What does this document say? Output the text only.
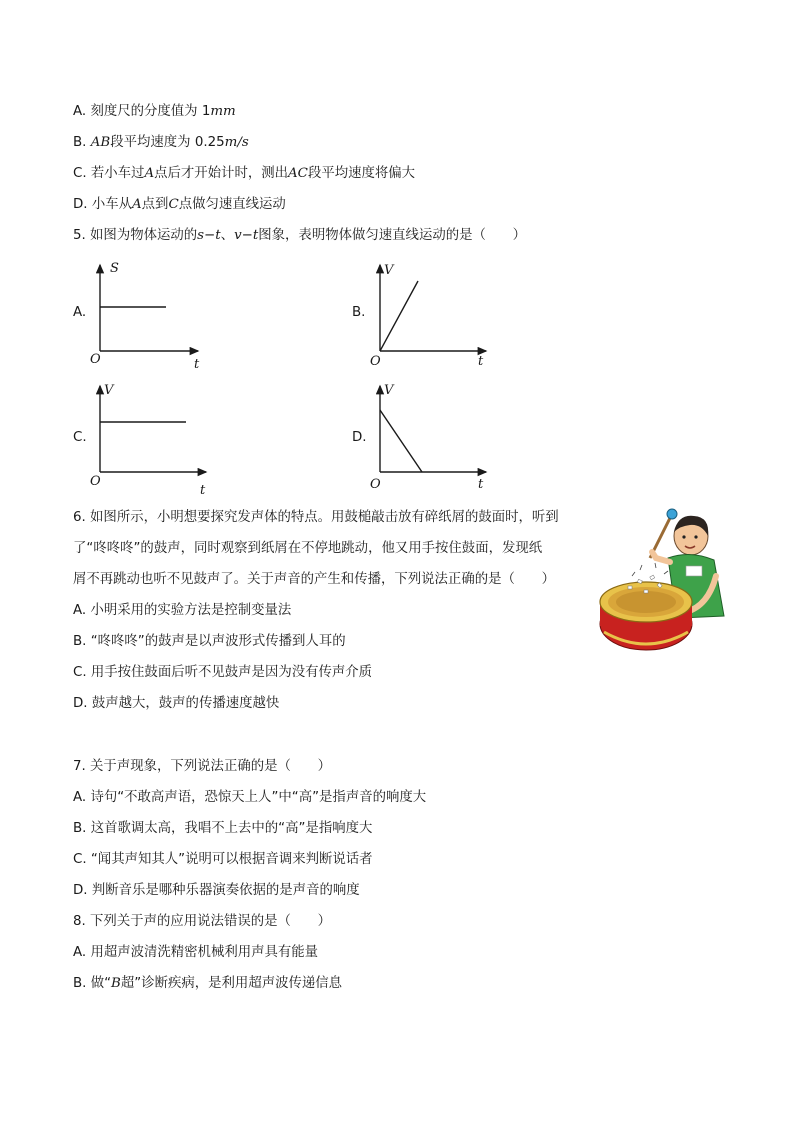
A. 刻度尺的分度值为 1mm
B. AB段平均速度为 0.25m/s
C. 若小车过A点后才开始计时，测出AC段平均速度将偏大
D. 小车从A点到C点做匀速直线运动
5. 如图为物体运动的s−t、v−t图象，表明物体做匀速直线运动的是（　　）
A.
S
t
O
B.
V
t
O
C.
V
t
O
D.
V
t
O
6. 如图所示，小明想要探究发声体的特点。用鼓槌敲击放有碎纸屑的鼓面时，听到
了“咚咚咚”的鼓声，同时观察到纸屑在不停地跳动，他又用手按住鼓面，发现纸
屑不再跳动也听不见鼓声了。关于声音的产生和传播，下列说法正确的是（　　）
A. 小明采用的实验方法是控制变量法
B. “咚咚咚”的鼓声是以声波形式传播到人耳的
C. 用手按住鼓面后听不见鼓声是因为没有传声介质
D. 鼓声越大，鼓声的传播速度越快
7. 关于声现象，下列说法正确的是（　　）
A. 诗句“不敢高声语，恐惊天上人”中“高”是指声音的响度大
B. 这首歌调太高，我唱不上去中的“高”是指响度大
C. “闻其声知其人”说明可以根据音调来判断说话者
D. 判断音乐是哪种乐器演奏依据的是声音的响度
8. 下列关于声的应用说法错误的是（　　）
A. 用超声波清洗精密机械利用声具有能量
B. 做“B超”诊断疾病，是利用超声波传递信息
